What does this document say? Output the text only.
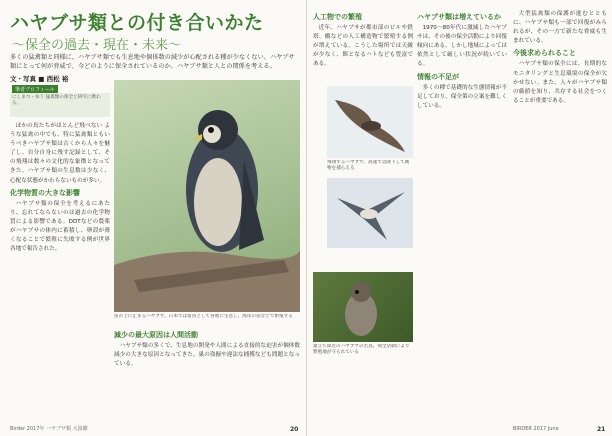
ハヤブサ類との付き合いかた
〜保全の過去・現在・未来〜
多くの猛禽類と同様に、ハヤブサ類でも生息地や個体数の減少が心配される種が少なくない。ハヤブサ類にとって何が脅威で、今どのように保全されているのか。ハヤブサ類と人との関係を考える。
文・写真 ■ 西松 裕
筆者プロフィール
にしまつ・ゆう 猛禽類の保全と研究に携わる。

ほかの鳥たちがほとんど飛べない ような猛禽の中でも、特に猛禽類ともいうべきハヤブサ類は古くから人々を魅了し、自分自身に残す記録として、その飛翔は数々の文化的な象徴となってきた。ハヤブサ類の生息数は少なく、心配な状態がかわらないものが多い。

化学物質の大きな影響

ハヤブサ類の保全を考えるにあたり、忘れてならないのは過去の化学物質による影響である。DDTなどの農薬がハヤブサの体内に蓄積し、卵殻が薄くなることで繁殖に失敗する例が世界各地で報告された。

崖の上に止まるハヤブサ。日本では留鳥として各地に生息し、海岸の崖などで繁殖する
減少の最大原因は人間活動

ハヤブサ類の多くで、生息地の開発や人間による直接的な迫害が個体数減少の大きな原因となってきた。巣の盗掘や違法な捕獲なども問題となっている。

Birder 2017年 ハヤブサ類 大図鑑	20
人工物での繁殖

近年、ハヤブサが都市部のビルや鉄塔、橋などの人工構造物で繁殖する例が増えている。こうした場所では天敵が少なく、餌となるハトなども豊富である。

飛翔するハヤブサ。高速で急降下して獲物を捕らえる
巣立ち間近のハヤブサの若鳥。保全活動により繁殖地が守られている
ハヤブサ類は増えているか

1970〜80年代に激減したハヤブサは、その後の保全活動により回復傾向にある。しかし地域によっては依然として厳しい状況が続いている。

情報の不足が

多くの種で基礎的な生態情報が不足しており、保全策の立案を難しくしている。

大型猛禽類の保護が進むとともに、ハヤブサ類も一部で回復がみられるが、その一方で新たな脅威も生まれている。

今後求められること

ハヤブサ類の保全には、長期的なモニタリングと生息環境の保全が欠かせない。また、人々がハヤブサ類の価値を知り、共存する社会をつくることが重要である。

BIRDER 2017 June	21
